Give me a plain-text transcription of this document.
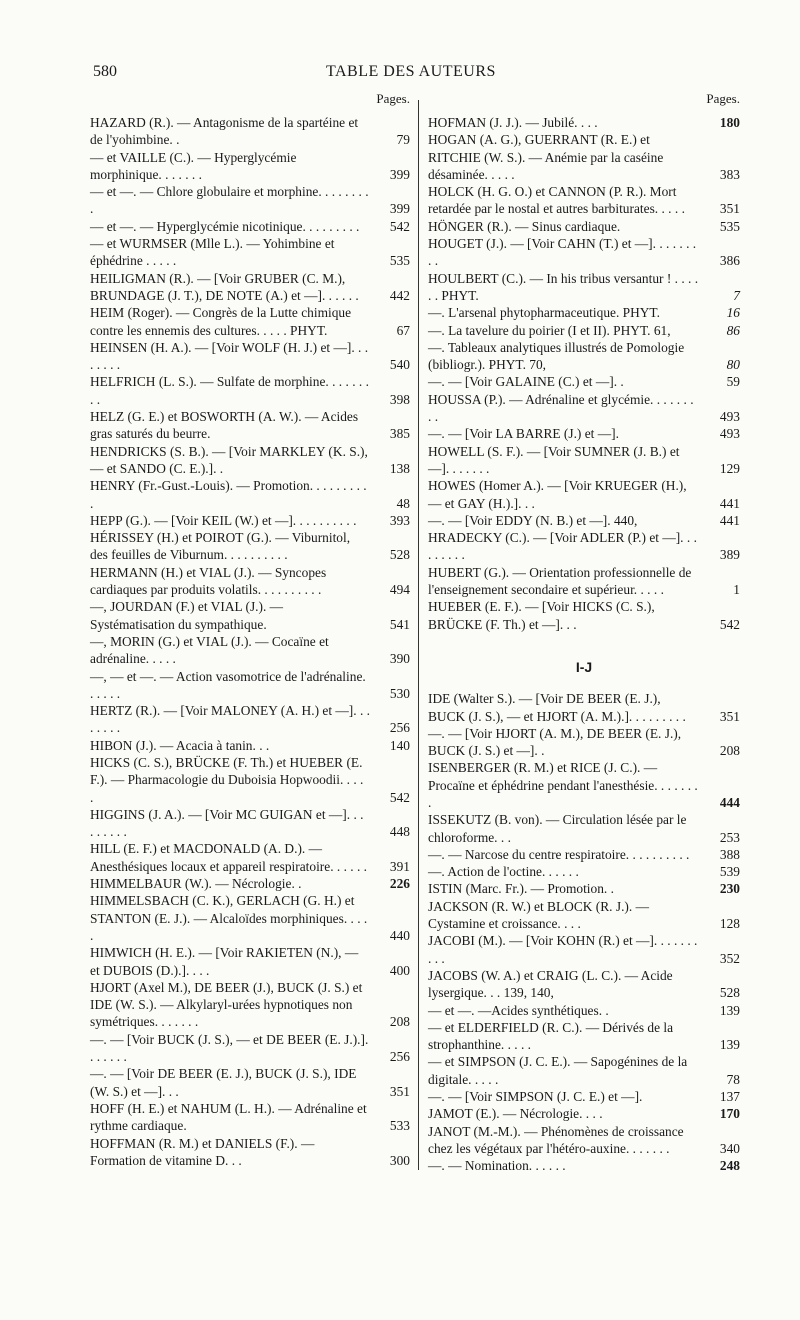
580	TABLE DES AUTEURS
Pages.
HAZARD (R.). — Antagonisme de la spartéine et de l'yohimbine. .	79
— et VAILLE (C.). — Hyperglycémie morphinique. . . . . . .	399
— et —. — Chlore globulaire et morphine. . . . . . . . .	399
— et —. — Hyperglycémie nicotinique. . . . . . . . . 542
— et WURMSER (Mlle L.). — Yohimbine et éphédrine . . . . .	535
HEILIGMAN (R.). — [Voir GRUBER (C. M.), BRUNDAGE (J. T.), DE NOTE (A.) et —]. . . . . . 442
HEIM (Roger). — Congrès de la Lutte chimique contre les ennemis des cultures. . . . . PHYT.	67
HEINSEN (H. A.). — [Voir WOLF (H. J.) et —]. . . . . . . .	540
HELFRICH (L. S.). — Sulfate de morphine. . . . . . . . .	398
HELZ (G. E.) et BOSWORTH (A. W.). — Acides gras saturés du beurre.	385
HENDRICKS (S. B.). — [Voir MARKLEY (K. S.), — et SANDO (C. E.).]. .	138
HENRY (Fr.-Gust.-Louis). — Promotion. . . . . . . . . .	48
HEPP (G.). — [Voir KEIL (W.) et —]. . . . . . . . . . 393
HÉRISSEY (H.) et POIROT (G.). — Viburnitol, des feuilles de Viburnum. . . . . . . . . .	528
HERMANN (H.) et VIAL (J.). — Syncopes cardiaques par produits volatils. . . . . . . . . .	494
—, JOURDAN (F.) et VIAL (J.). — Systématisation du sympathique.	541
—, MORIN (G.) et VIAL (J.). — Cocaïne et adrénaline. . . . .	390
—, — et —. — Action vasomotrice de l'adrénaline. . . . . .	530
HERTZ (R.). — [Voir MALONEY (A. H.) et —]. . . . . . . .	256
HIBON (J.). — Acacia à tanin. . .	140
HICKS (C. S.), BRÜCKE (F. Th.) et HUEBER (E. F.). — Pharmacologie du Duboisia Hopwoodii. . . . .	542
HIGGINS (J. A.). — [Voir MC GUIGAN et —]. . . . . . . . .	448
HILL (E. F.) et MACDONALD (A. D.). — Anesthésiques locaux et appareil respiratoire. . . . . . 391
HIMMELBAUR (W.). — Nécrologie. .	226
HIMMELSBACH (C. K.), GERLACH (G. H.) et STANTON (E. J.). — Alcaloïdes morphiniques. . . . .	440
HIMWICH (H. E.). — [Voir RAKIETEN (N.), — et DUBOIS (D.).]. . . .	400
HJORT (Axel M.), DE BEER (J.), BUCK (J. S.) et IDE (W. S.). — Alkylaryl-urées hypnotiques non symétriques. . . . . . .	208
—. — [Voir BUCK (J. S.), — et DE BEER (E. J.).]. . . . . . .	256
—. — [Voir DE BEER (E. J.), BUCK (J. S.), IDE (W. S.) et —]. . .	351
HOFF (H. E.) et NAHUM (L. H.). — Adrénaline et rythme cardiaque.	533
HOFFMAN (R. M.) et DANIELS (F.). — Formation de vitamine D. . .	300
Pages.
HOFMAN (J. J.). — Jubilé. . . .	180
HOGAN (A. G.), GUERRANT (R. E.) et RITCHIE (W. S.). — Anémie par la caséine désaminée. . . . .	383
HOLCK (H. G. O.) et CANNON (P. R.). Mort retardée par le nostal et autres barbiturates. . . . .	351
HÖNGER (R.). — Sinus cardiaque.	535
HOUGET (J.). — [Voir CAHN (T.) et —]. . . . . . . . .	386
HOULBERT (C.). — In his tribus versantur ! . . . . . . PHYT.	7
—. L'arsenal phytopharmaceutique. PHYT.	16
—. La tavelure du poirier (I et II). PHYT. 61,	86
—. Tableaux analytiques illustrés de Pomologie (bibliogr.). PHYT. 70,	80
—. — [Voir GALAINE (C.) et —]. .	59
HOUSSA (P.). — Adrénaline et glycémie. . . . . . . . .	493
—. — [Voir LA BARRE (J.) et —].	493
HOWELL (S. F.). — [Voir SUMNER (J. B.) et —]. . . . . . .	129
HOWES (Homer A.). — [Voir KRUEGER (H.), — et GAY (H.).]. . .	441
—. — [Voir EDDY (N. B.) et —]. 440,	441
HRADECKY (C.). — [Voir ADLER (P.) et —]. . . . . . . . .	389
HUBERT (G.). — Orientation professionnelle de l'enseignement secondaire et supérieur. . . . .	1
HUEBER (E. F.). — [Voir HICKS (C. S.), BRÜCKE (F. Th.) et —]. . .	542
I-J
IDE (Walter S.). — [Voir DE BEER (E. J.), BUCK (J. S.), — et HJORT (A. M.).]. . . . . . . . .	351
—. — [Voir HJORT (A. M.), DE BEER (E. J.), BUCK (J. S.) et —]. .	208
ISENBERGER (R. M.) et RICE (J. C.). — Procaïne et éphédrine pendant l'anesthésie. . . . . . . .	444
ISSEKUTZ (B. von). — Circulation lésée par le chloroforme. . .	253
—. — Narcose du centre respiratoire. . . . . . . . . . 388
—. Action de l'octine. . . . . .	539
ISTIN (Marc. Fr.). — Promotion. .	230
JACKSON (R. W.) et BLOCK (R. J.). — Cystamine et croissance. . . .	128
JACOBI (M.). — [Voir KOHN (R.) et —]. . . . . . . . . .	352
JACOBS (W. A.) et CRAIG (L. C.). — Acide lysergique. . . 139, 140,	528
— et —. —Acides synthétiques. .	139
— et ELDERFIELD (R. C.). — Dérivés de la strophanthine. . . . .	139
— et SIMPSON (J. C. E.). — Sapogénines de la digitale. . . . .	78
—. — [Voir SIMPSON (J. C. E.) et —].	137
JAMOT (E.). — Nécrologie. . . .	170
JANOT (M.-M.). — Phénomènes de croissance chez les végétaux par l'hétéro-auxine. . . . . . .	340
—. — Nomination. . . . . .	248
